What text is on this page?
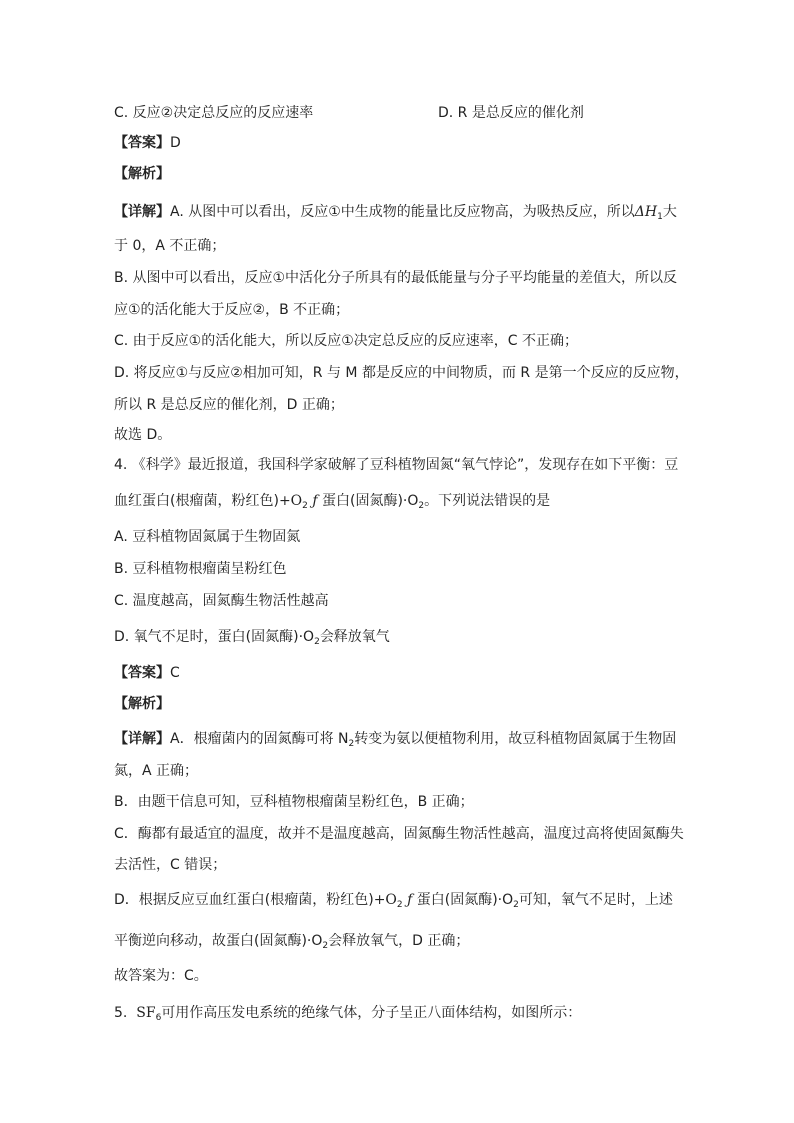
C. 反应②决定总反应的反应速率	D. R 是总反应的催化剂
【答案】D
【解析】
【详解】A. 从图中可以看出，反应①中生成物的能量比反应物高，为吸热反应，所以$\Delta H_1$大
于 0，A 不正确；
B. 从图中可以看出，反应①中活化分子所具有的最低能量与分子平均能量的差值大，所以反
应①的活化能大于反应②，B 不正确；
C. 由于反应①的活化能大，所以反应①决定总反应的反应速率，C 不正确；
D. 将反应①与反应②相加可知，R 与 M 都是反应的中间物质，而 R 是第一个反应的反应物，
所以 R 是总反应的催化剂，D 正确；
故选 D。
4. 《科学》最近报道，我国科学家破解了豆科植物固氮“氧气悖论”，发现存在如下平衡：豆
血红蛋白(根瘤菌，粉红色)$+O_2$ ƒ 蛋白(固氮酶)$\cdot O_2$。下列说法错误的是
A. 豆科植物固氮属于生物固氮
B. 豆科植物根瘤菌呈粉红色
C. 温度越高，固氮酶生物活性越高
D. 氧气不足时，蛋白(固氮酶)$\cdot O_2$会释放氧气
【答案】C
【解析】
【详解】A．根瘤菌内的固氮酶可将 $N_2$转变为氨以便植物利用，故豆科植物固氮属于生物固
氮，A 正确；
B．由题干信息可知，豆科植物根瘤菌呈粉红色，B 正确；
C．酶都有最适宜的温度，故并不是温度越高，固氮酶生物活性越高，温度过高将使固氮酶失
去活性，C 错误；
D．根据反应豆血红蛋白(根瘤菌，粉红色)$+O_2$ ƒ 蛋白(固氮酶)$\cdot O_2$可知，氧气不足时，上述
平衡逆向移动，故蛋白(固氮酶)$\cdot O_2$会释放氧气，D 正确；
故答案为：C。
5. $SF_6$可用作高压发电系统的绝缘气体，分子呈正八面体结构，如图所示：
